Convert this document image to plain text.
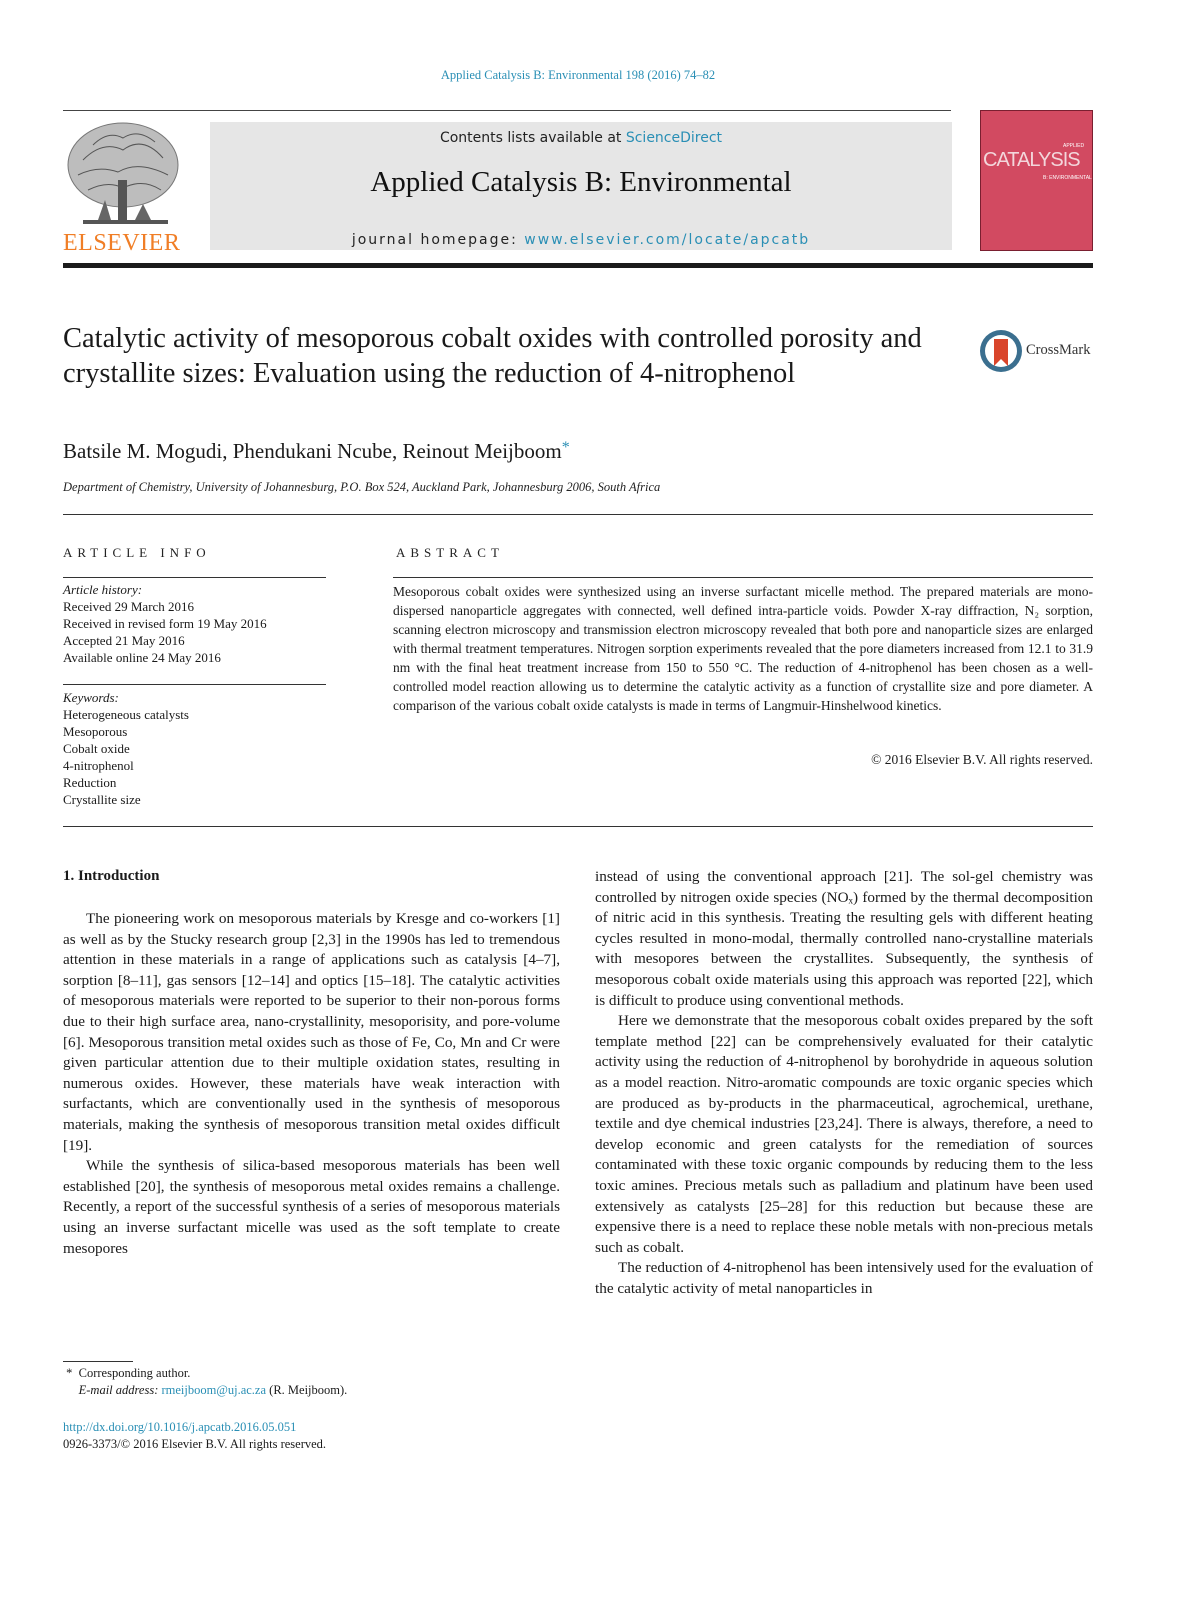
Applied Catalysis B: Environmental 198 (2016) 74–82
ELSEVIER
Contents lists available at ScienceDirect
Applied Catalysis B: Environmental
journal homepage: www.elsevier.com/locate/apcatb
APPLIED
CATALYSIS
B: ENVIRONMENTAL
Catalytic activity of mesoporous cobalt oxides with controlled porosity and crystallite sizes: Evaluation using the reduction of 4-nitrophenol
CrossMark
Batsile M. Mogudi, Phendukani Ncube, Reinout Meijboom*
Department of Chemistry, University of Johannesburg, P.O. Box 524, Auckland Park, Johannesburg 2006, South Africa
ARTICLE INFO	ABSTRACT
Article history:
Received 29 March 2016
Received in revised form 19 May 2016
Accepted 21 May 2016
Available online 24 May 2016
Keywords:
Heterogeneous catalysts
Mesoporous
Cobalt oxide
4-nitrophenol
Reduction
Crystallite size
Mesoporous cobalt oxides were synthesized using an inverse surfactant micelle method. The prepared materials are mono-dispersed nanoparticle aggregates with connected, well defined intra-particle voids. Powder X-ray diffraction, N₂ sorption, scanning electron microscopy and transmission electron microscopy revealed that both pore and nanoparticle sizes are enlarged with thermal treatment temperatures. Nitrogen sorption experiments revealed that the pore diameters increased from 12.1 to 31.9 nm with the final heat treatment increase from 150 to 550 °C. The reduction of 4-nitrophenol has been chosen as a well-controlled model reaction allowing us to determine the catalytic activity as a function of crystallite size and pore diameter. A comparison of the various cobalt oxide catalysts is made in terms of Langmuir-Hinshelwood kinetics.
© 2016 Elsevier B.V. All rights reserved.
1. Introduction

The pioneering work on mesoporous materials by Kresge and co-workers [1] as well as by the Stucky research group [2,3] in the 1990s has led to tremendous attention in these materials in a range of applications such as catalysis [4–7], sorption [8–11], gas sensors [12–14] and optics [15–18]. The catalytic activities of mesoporous materials were reported to be superior to their non-porous forms due to their high surface area, nano-crystallinity, mesoporisity, and pore-volume [6]. Mesoporous transition metal oxides such as those of Fe, Co, Mn and Cr were given particular attention due to their multiple oxidation states, resulting in numerous oxides. However, these materials have weak interaction with surfactants, which are conventionally used in the synthesis of mesoporous materials, making the synthesis of mesoporous transition metal oxides difficult [19].

While the synthesis of silica-based mesoporous materials has been well established [20], the synthesis of mesoporous metal oxides remains a challenge. Recently, a report of the successful synthesis of a series of mesoporous materials using an inverse surfactant micelle was used as the soft template to create mesopores

instead of using the conventional approach [21]. The sol-gel chemistry was controlled by nitrogen oxide species (NOₓ) formed by the thermal decomposition of nitric acid in this synthesis. Treating the resulting gels with different heating cycles resulted in mono-modal, thermally controlled nano-crystalline materials with mesopores between the crystallites. Subsequently, the synthesis of mesoporous cobalt oxide materials using this approach was reported [22], which is difficult to produce using conventional methods.

Here we demonstrate that the mesoporous cobalt oxides prepared by the soft template method [22] can be comprehensively evaluated for their catalytic activity using the reduction of 4-nitrophenol by borohydride in aqueous solution as a model reaction. Nitro-aromatic compounds are toxic organic species which are produced as by-products in the pharmaceutical, agrochemical, urethane, textile and dye chemical industries [23,24]. There is always, therefore, a need to develop economic and green catalysts for the remediation of sources contaminated with these toxic organic compounds by reducing them to the less toxic amines. Precious metals such as palladium and platinum have been used extensively as catalysts [25–28] for this reduction but because these are expensive there is a need to replace these noble metals with non-precious metals such as cobalt.

The reduction of 4-nitrophenol has been intensively used for the evaluation of the catalytic activity of metal nanoparticles in

* Corresponding author.
E-mail address: rmeijboom@uj.ac.za (R. Meijboom).
http://dx.doi.org/10.1016/j.apcatb.2016.05.051
0926-3373/© 2016 Elsevier B.V. All rights reserved.
